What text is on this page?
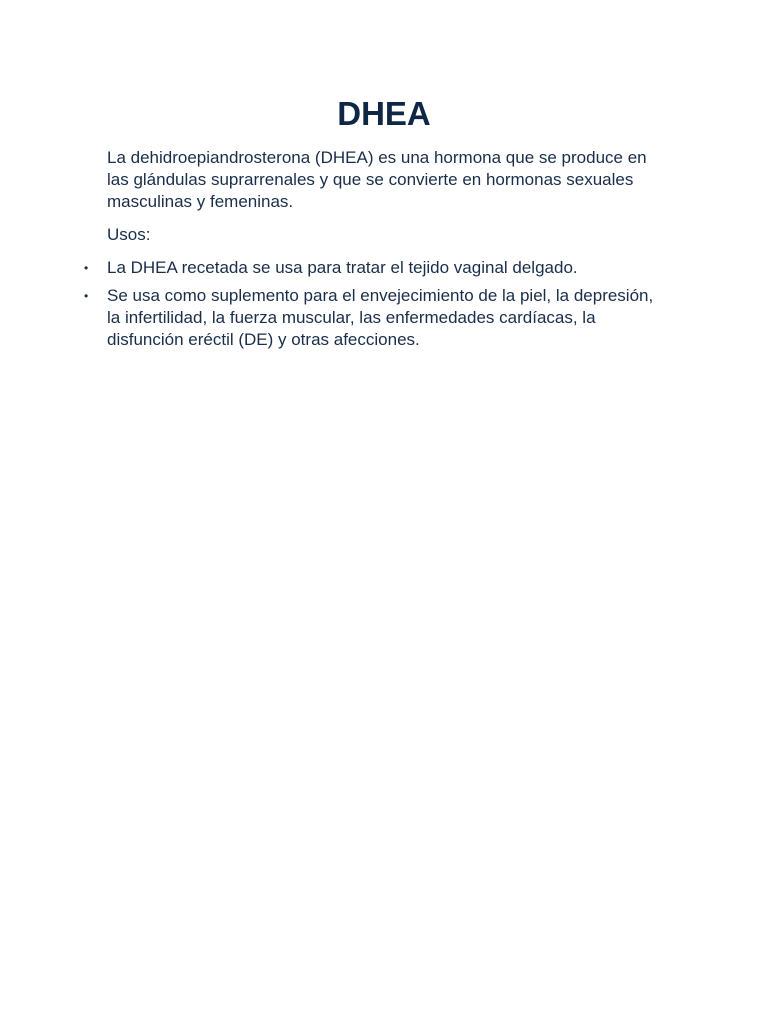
DHEA

La dehidroepiandrosterona (DHEA) es una hormona que se produce en las glándulas suprarrenales y que se convierte en hormonas sexuales masculinas y femeninas.

Usos:

• La DHEA recetada se usa para tratar el tejido vaginal delgado.
• Se usa como suplemento para el envejecimiento de la piel, la depresión, la infertilidad, la fuerza muscular, las enfermedades cardíacas, la disfunción eréctil (DE) y otras afecciones.
